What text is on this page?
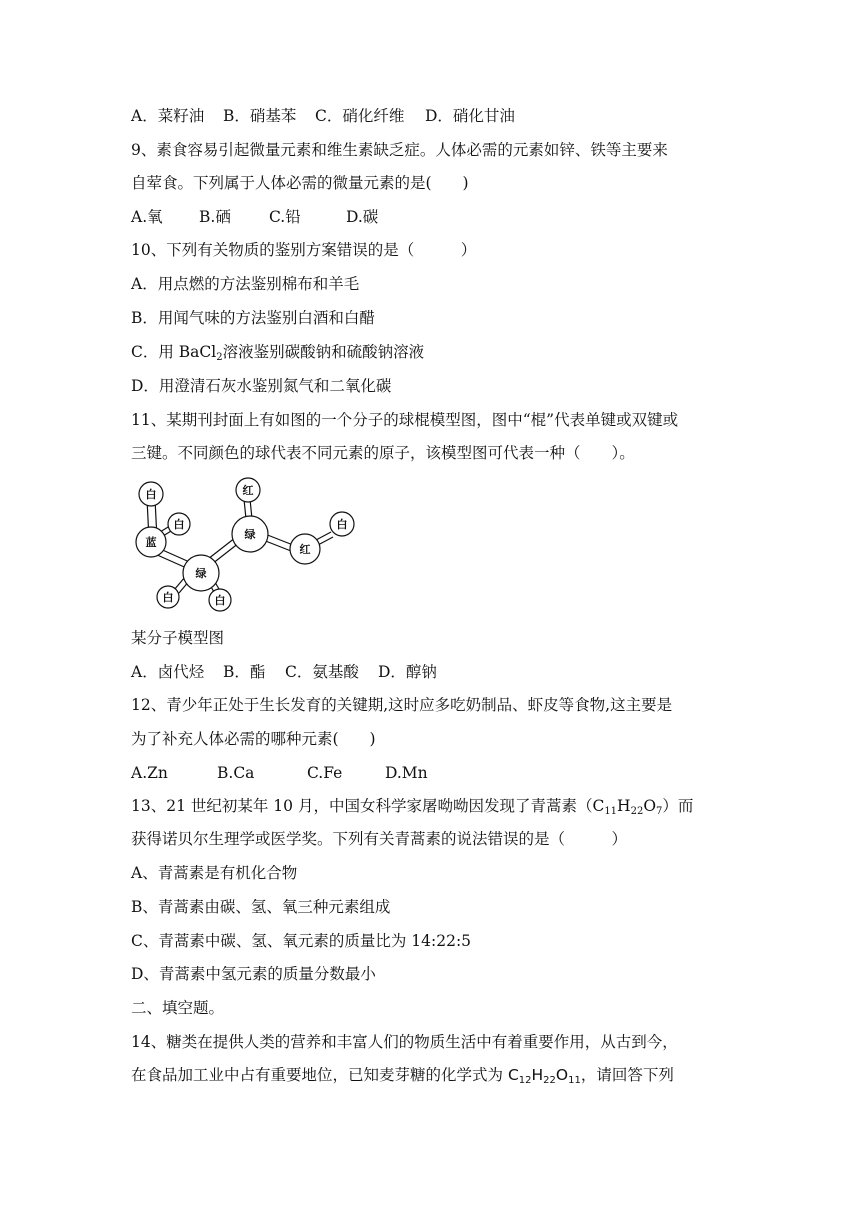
A．菜籽油 B．硝基苯 C．硝化纤维 D．硝化甘油
9、素食容易引起微量元素和维生素缺乏症。人体必需的元素如锌、铁等主要来
自荤食。下列属于人体必需的微量元素的是(　　)
A.氧 B.硒 C.铅	D.碳
10、下列有关物质的鉴别方案错误的是（　　　）
A．用点燃的方法鉴别棉布和羊毛
B．用闻气味的方法鉴别白酒和白醋
C．用 BaCl$_2$溶液鉴别碳酸钠和硫酸钠溶液
D．用澄清石灰水鉴别氮气和二氧化碳
11、某期刊封面上有如图的一个分子的球棍模型图，图中“棍”代表单键或双键或
三键。不同颜色的球代表不同元素的原子，该模型图可代表一种（　　）。
白
白
蓝
绿
白	白
绿
红
红
白
某分子模型图
A．卤代烃 B．酯 C．氨基酸 D．醇钠
12、青少年正处于生长发育的关键期,这时应多吃奶制品、虾皮等食物,这主要是
为了补充人体必需的哪种元素(　　)
A.Zn	B.Ca	C.Fe	D.Mn
13、21 世纪初某年 10 月，中国女科学家屠呦呦因发现了青蒿素$(C_{11}H_{22}O_7)$而
获得诺贝尔生理学或医学奖。下列有关青蒿素的说法错误的是（　　　）
A、青蒿素是有机化合物
B、青蒿素由碳、氢、氧三种元素组成
C、青蒿素中碳、氢、氧元素的质量比为 14:22:5
D、青蒿素中氢元素的质量分数最小
二、填空题。
14、糖类在提供人类的营养和丰富人们的物质生活中有着重要作用，从古到今，
在食品加工业中占有重要地位，已知麦芽糖的化学式为 $C_{12}H_{22}O_{11}$，请回答下列
